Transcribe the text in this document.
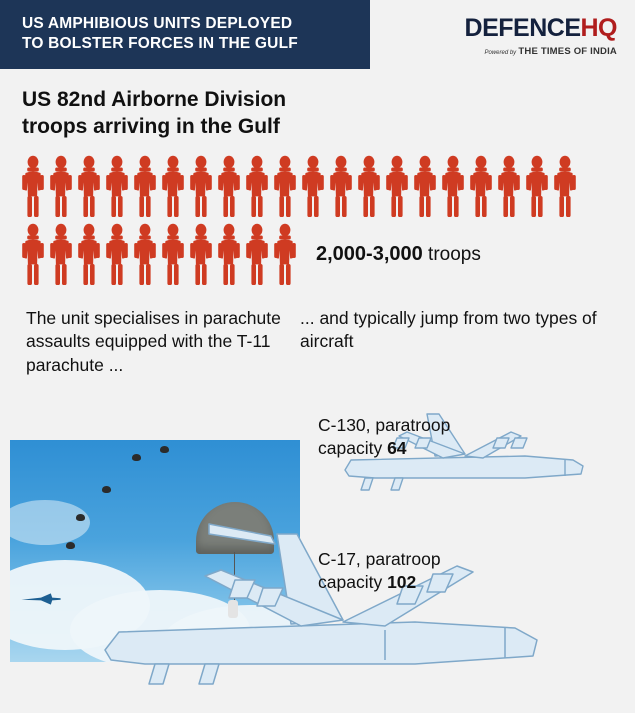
US AMPHIBIOUS UNITS DEPLOYED
TO BOLSTER FORCES IN THE GULF
DEFENCEHQ
Powered by THE TIMES OF INDIA
US 82nd Airborne Division
troops arriving in the Gulf
2,000-3,000 troops
The unit specialises in parachute assaults equipped with the T-11 parachute ...
... and typically jump from two types of aircraft
C-130, paratroop
capacity 64
C-17, paratroop
capacity 102
